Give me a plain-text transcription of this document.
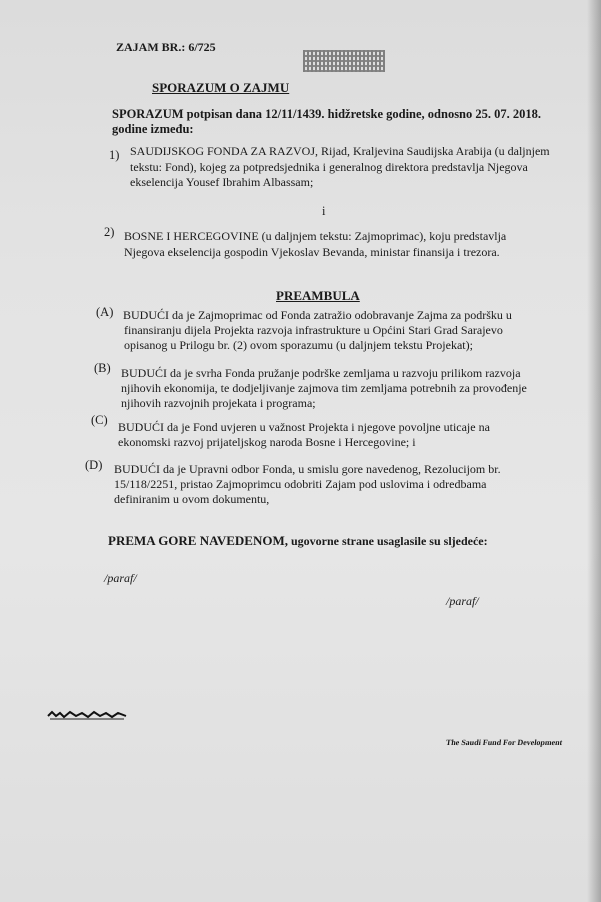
ZAJAM BR.: 6/725
SPORAZUM O ZAJMU
SPORAZUM potpisan dana 12/11/1439. hidžretske godine, odnosno 25. 07. 2018.
godine između:
1) SAUDIJSKOG FONDA ZA RAZVOJ, Rijad, Kraljevina Saudijska Arabija (u daljnjem
tekstu: Fond), kojeg za potpredsjednika i generalnog direktora predstavlja Njegova
ekselencija Yousef Ibrahim Albassam;
i
2) BOSNE I HERCEGOVINE (u daljnjem tekstu: Zajmoprimac), koju predstavlja
Njegova ekselencija gospodin Vjekoslav Bevanda, ministar finansija i trezora.
PREAMBULA
(A) BUDUĆI da je Zajmoprimac od Fonda zatražio odobravanje Zajma za podršku u
finansiranju dijela Projekta razvoja infrastrukture u Općini Stari Grad Sarajevo
opisanog u Prilogu br. (2) ovom sporazumu (u daljnjem tekstu Projekat);
(B) BUDUĆI da je svrha Fonda pružanje podrške zemljama u razvoju prilikom razvoja
njihovih ekonomija, te dodjeljivanje zajmova tim zemljama potrebnih za provođenje
njihovih razvojnih projekata i programa;
(C) BUDUĆI da je Fond uvjeren u važnost Projekta i njegove povoljne uticaje na
ekonomski razvoj prijateljskog naroda Bosne i Hercegovine; i
(D) BUDUĆI da je Upravni odbor Fonda, u smislu gore navedenog, Rezolucijom br.
15/118/2251, pristao Zajmoprimcu odobriti Zajam pod uslovima i odredbama
definiranim u ovom dokumentu,
PREMA GORE NAVEDENOM, ugovorne strane usaglasile su sljedeće:
/paraf/
/paraf/
The Saudi Fund For Development
